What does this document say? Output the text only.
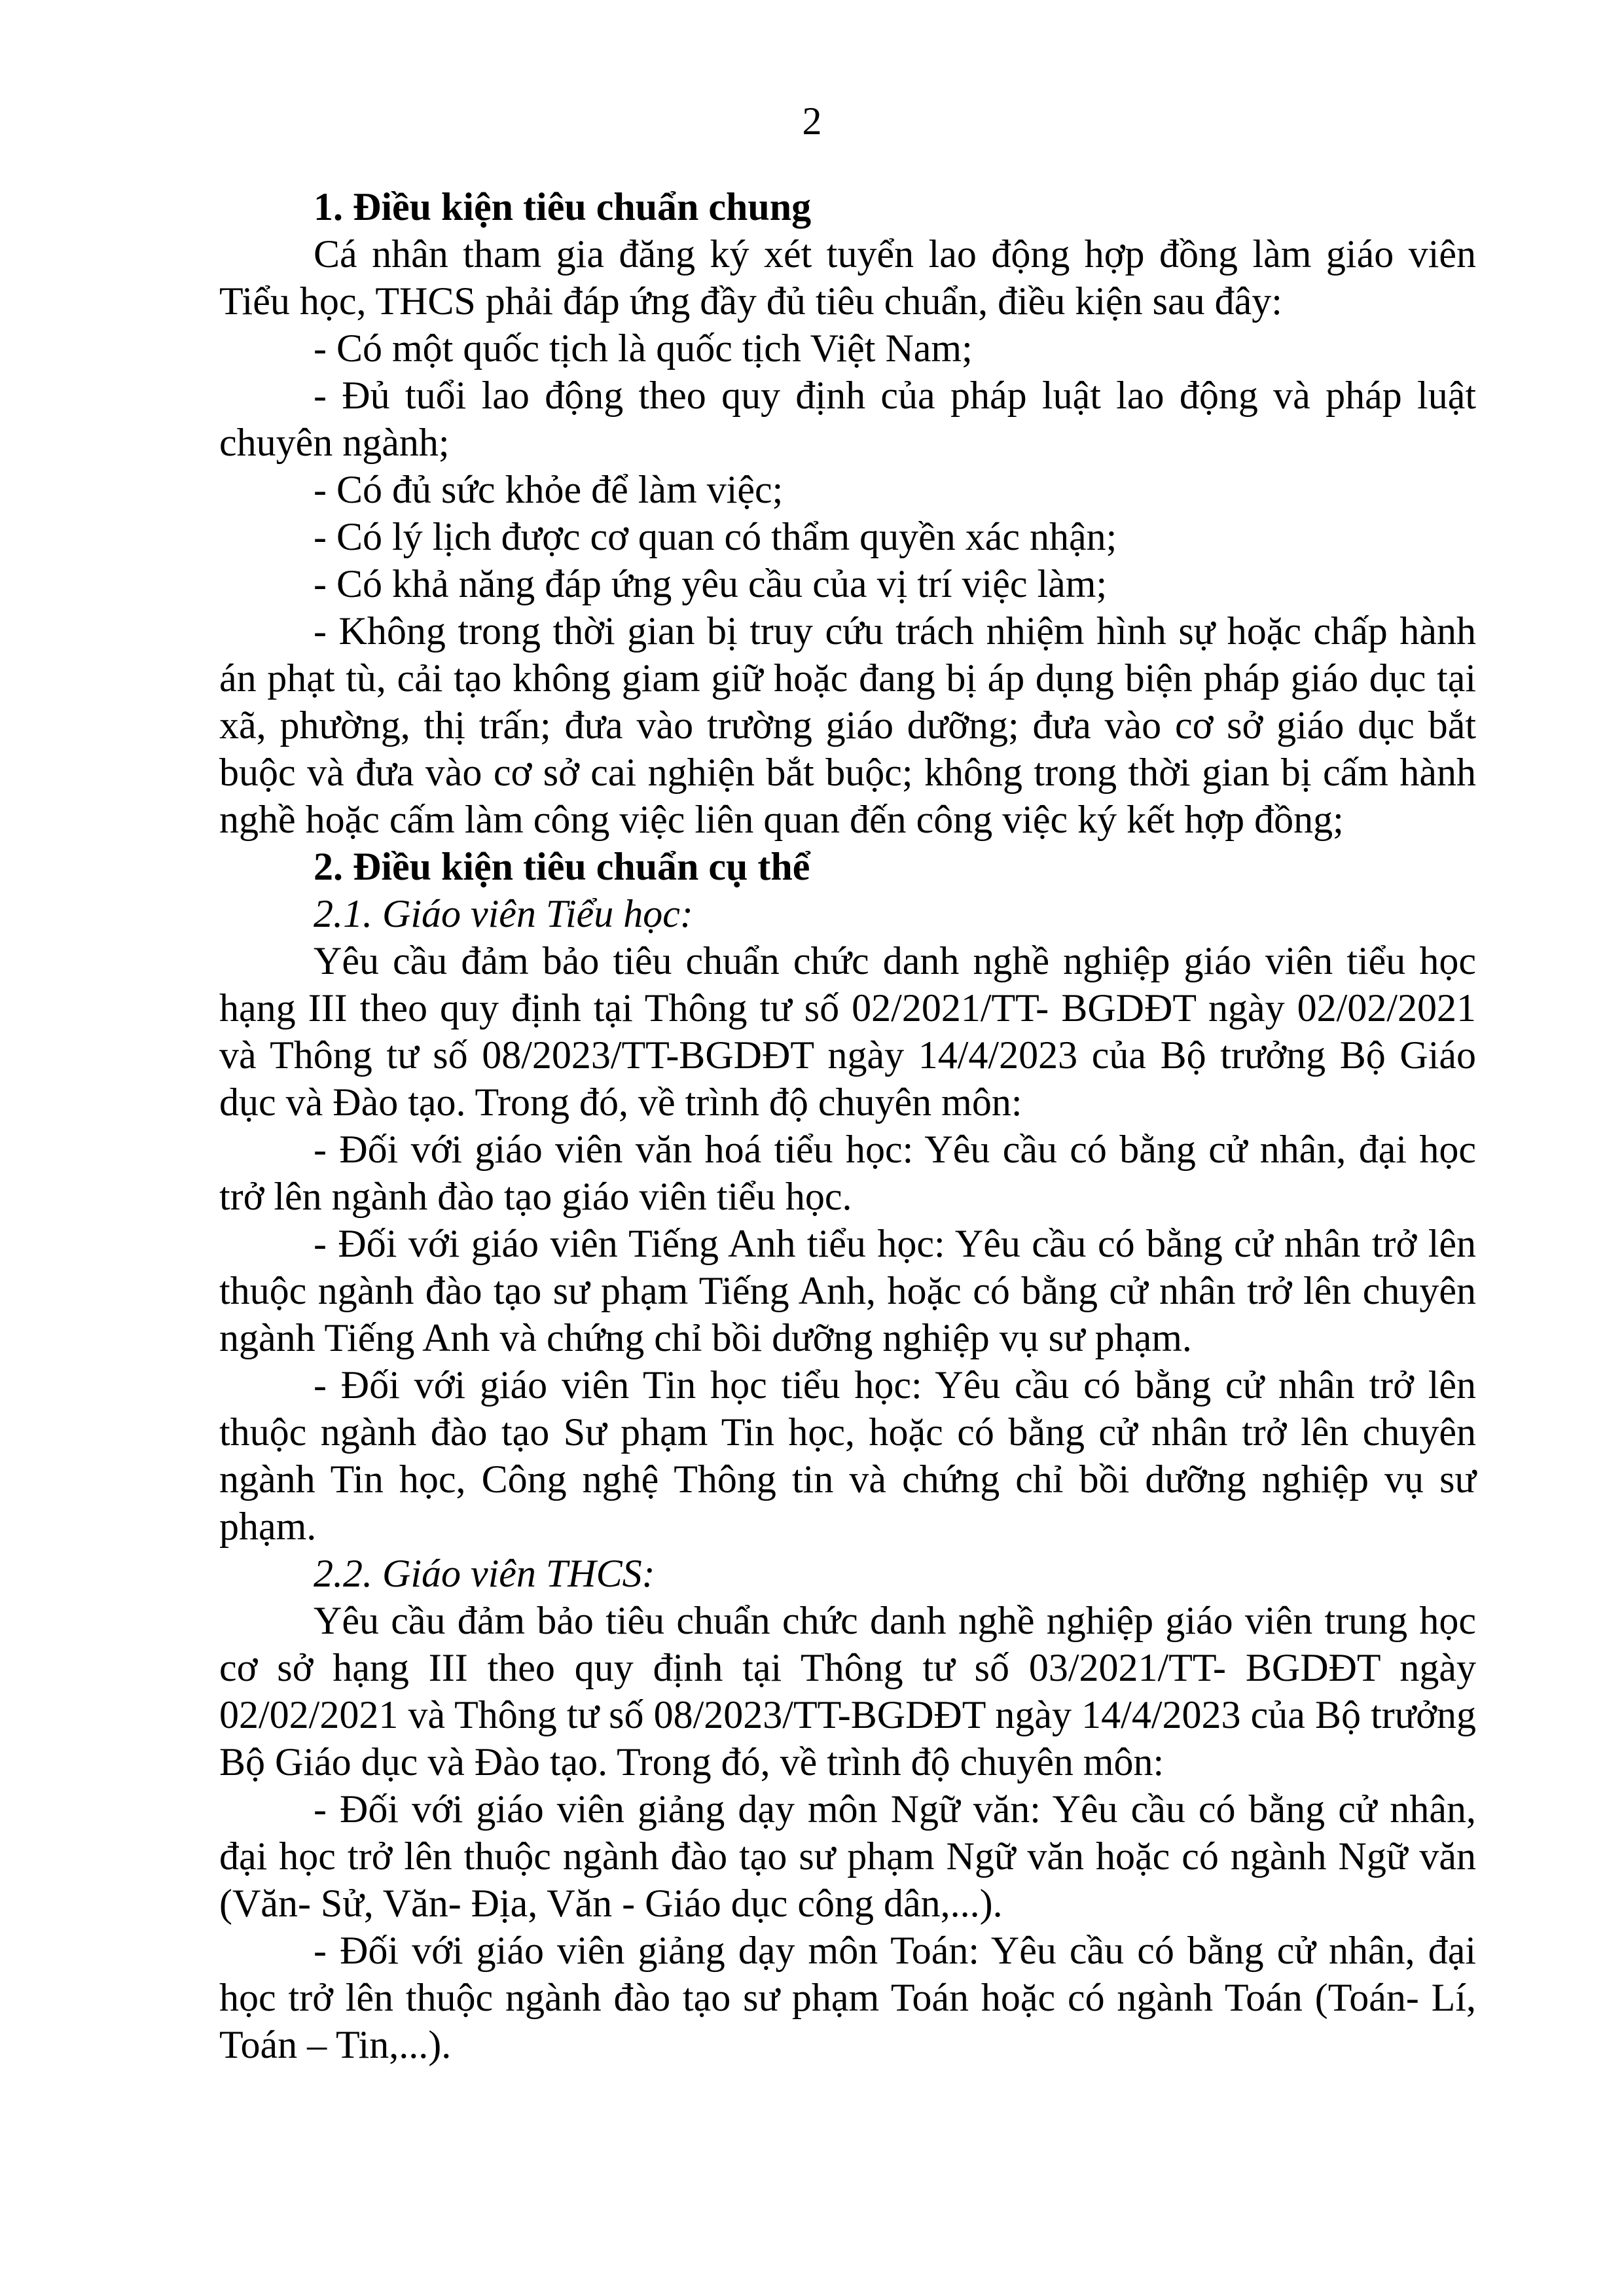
2

1. Điều kiện tiêu chuẩn chung

Cá nhân tham gia đăng ký xét tuyển lao động hợp đồng làm giáo viên Tiểu học, THCS phải đáp ứng đầy đủ tiêu chuẩn, điều kiện sau đây:

- Có một quốc tịch là quốc tịch Việt Nam;

- Đủ tuổi lao động theo quy định của pháp luật lao động và pháp luật chuyên ngành;

- Có đủ sức khỏe để làm việc;

- Có lý lịch được cơ quan có thẩm quyền xác nhận;

- Có khả năng đáp ứng yêu cầu của vị trí việc làm;

- Không trong thời gian bị truy cứu trách nhiệm hình sự hoặc chấp hành án phạt tù, cải tạo không giam giữ hoặc đang bị áp dụng biện pháp giáo dục tại xã, phường, thị trấn; đưa vào trường giáo dưỡng; đưa vào cơ sở giáo dục bắt buộc và đưa vào cơ sở cai nghiện bắt buộc; không trong thời gian bị cấm hành nghề hoặc cấm làm công việc liên quan đến công việc ký kết hợp đồng;

2. Điều kiện tiêu chuẩn cụ thể

2.1. Giáo viên Tiểu học:

Yêu cầu đảm bảo tiêu chuẩn chức danh nghề nghiệp giáo viên tiểu học hạng III theo quy định tại Thông tư số 02/2021/TT- BGDĐT ngày 02/02/2021 và Thông tư số 08/2023/TT-BGDĐT ngày 14/4/2023 của Bộ trưởng Bộ Giáo dục và Đào tạo. Trong đó, về trình độ chuyên môn:

- Đối với giáo viên văn hoá tiểu học: Yêu cầu có bằng cử nhân, đại học trở lên ngành đào tạo giáo viên tiểu học.

- Đối với giáo viên Tiếng Anh tiểu học: Yêu cầu có bằng cử nhân trở lên thuộc ngành đào tạo sư phạm Tiếng Anh, hoặc có bằng cử nhân trở lên chuyên ngành Tiếng Anh và chứng chỉ bồi dưỡng nghiệp vụ sư phạm.

- Đối với giáo viên Tin học tiểu học: Yêu cầu có bằng cử nhân trở lên thuộc ngành đào tạo Sư phạm Tin học, hoặc có bằng cử nhân trở lên chuyên ngành Tin học, Công nghệ Thông tin và chứng chỉ bồi dưỡng nghiệp vụ sư phạm.

2.2. Giáo viên THCS:

Yêu cầu đảm bảo tiêu chuẩn chức danh nghề nghiệp giáo viên trung học cơ sở hạng III theo quy định tại Thông tư số 03/2021/TT- BGDĐT ngày 02/02/2021 và Thông tư số 08/2023/TT-BGDĐT ngày 14/4/2023 của Bộ trưởng Bộ Giáo dục và Đào tạo. Trong đó, về trình độ chuyên môn:

- Đối với giáo viên giảng dạy môn Ngữ văn: Yêu cầu có bằng cử nhân, đại học trở lên thuộc ngành đào tạo sư phạm Ngữ văn hoặc có ngành Ngữ văn (Văn- Sử, Văn- Địa, Văn - Giáo dục công dân,...).

- Đối với giáo viên giảng dạy môn Toán: Yêu cầu có bằng cử nhân, đại học trở lên thuộc ngành đào tạo sư phạm Toán hoặc có ngành Toán (Toán- Lí, Toán – Tin,...).
